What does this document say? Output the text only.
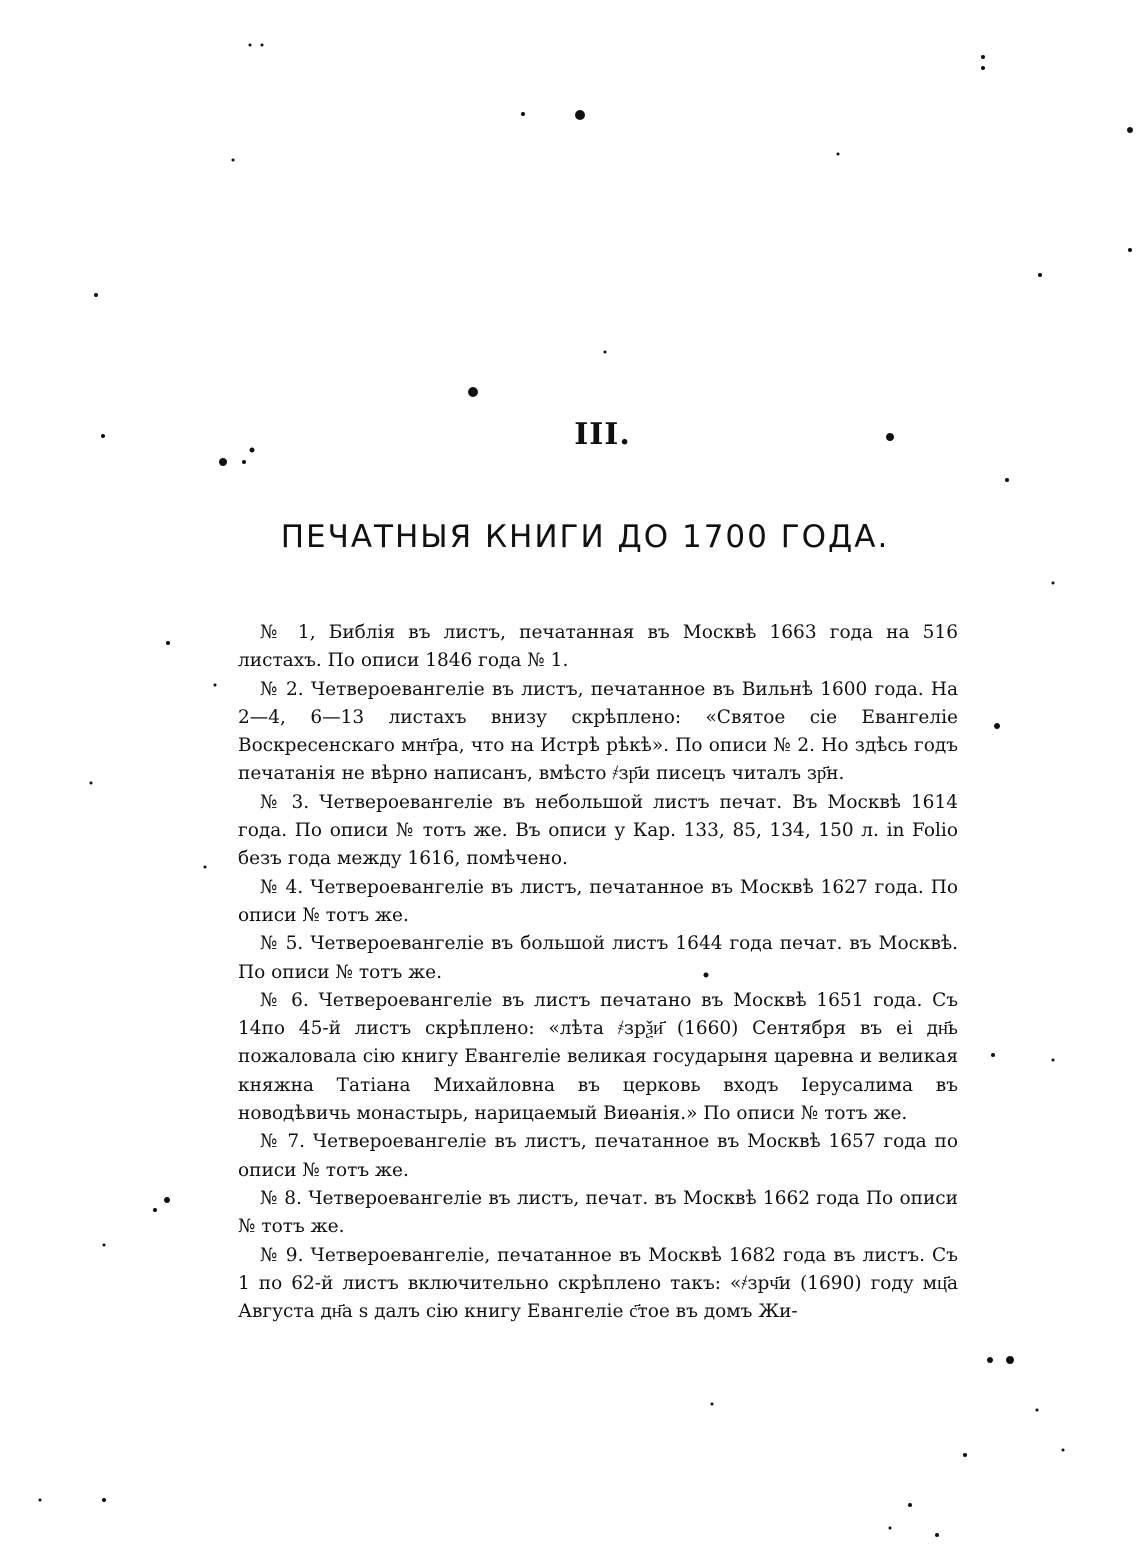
III.
ПЕЧАТНЫЯ КНИГИ ДО 1700 ГОДА.

№ 1, Библія въ листъ, печатанная въ Москвѣ 1663 года на 516 листахъ. По описи 1846 года № 1.

№ 2. Четвероевангеліе въ листъ, печатанное въ Вильнѣ 1600 года. На 2—4, 6—13 листахъ внизу скрѣплено: «Святое сіе Евангеліе Воскресенскаго мнт҃ра, что на Истрѣ рѣкѣ». По описи № 2. Но здѣсь годъ печатанія не вѣрно написанъ, вмѣсто ҂зр҃и писецъ читалъ зр҃н.

№ 3. Четвероевангеліе въ небольшой листъ печат. Въ Москвѣ 1614 года. По описи № тотъ же. Въ описи у Кар. 133, 85, 134, 150 л. in Folio безъ года между 1616, помѣчено.

№ 4. Четвероевангеліе въ листъ, печатанное въ Москвѣ 1627 года. По описи № тотъ же.

№ 5. Четвероевангеліе въ большой листъ 1644 года печат. въ Москвѣ. По описи № тотъ же.

№ 6. Четвероевангеліе въ листъ печатано въ Москвѣ 1651 года. Съ 14по 45-й листъ скрѣплено: «лѣта ҂зрѯи҃ (1660) Сентября въ еі дн҃ь пожаловала сію книгу Евангеліе великая государыня царевна и великая княжна Татіана Михайловна въ церковь входъ Іерусалима въ новодѣвичь монастырь, нарицаемый Виѳанія.» По описи № тотъ же.

№ 7. Четвероевангеліе въ листъ, печатанное въ Москвѣ 1657 года по описи № тотъ же.

№ 8. Четвероевангеліе въ листъ, печат. въ Москвѣ 1662 года По описи № тотъ же.

№ 9. Четвероевангеліе, печатанное въ Москвѣ 1682 года въ листъ. Съ 1 по 62-й листъ включительно скрѣплено такъ: «҂зрч҃и (1690) году мц҃а Августа дн҃а ѕ далъ сію книгу Евангеліе с҃тое въ домъ Жи-
